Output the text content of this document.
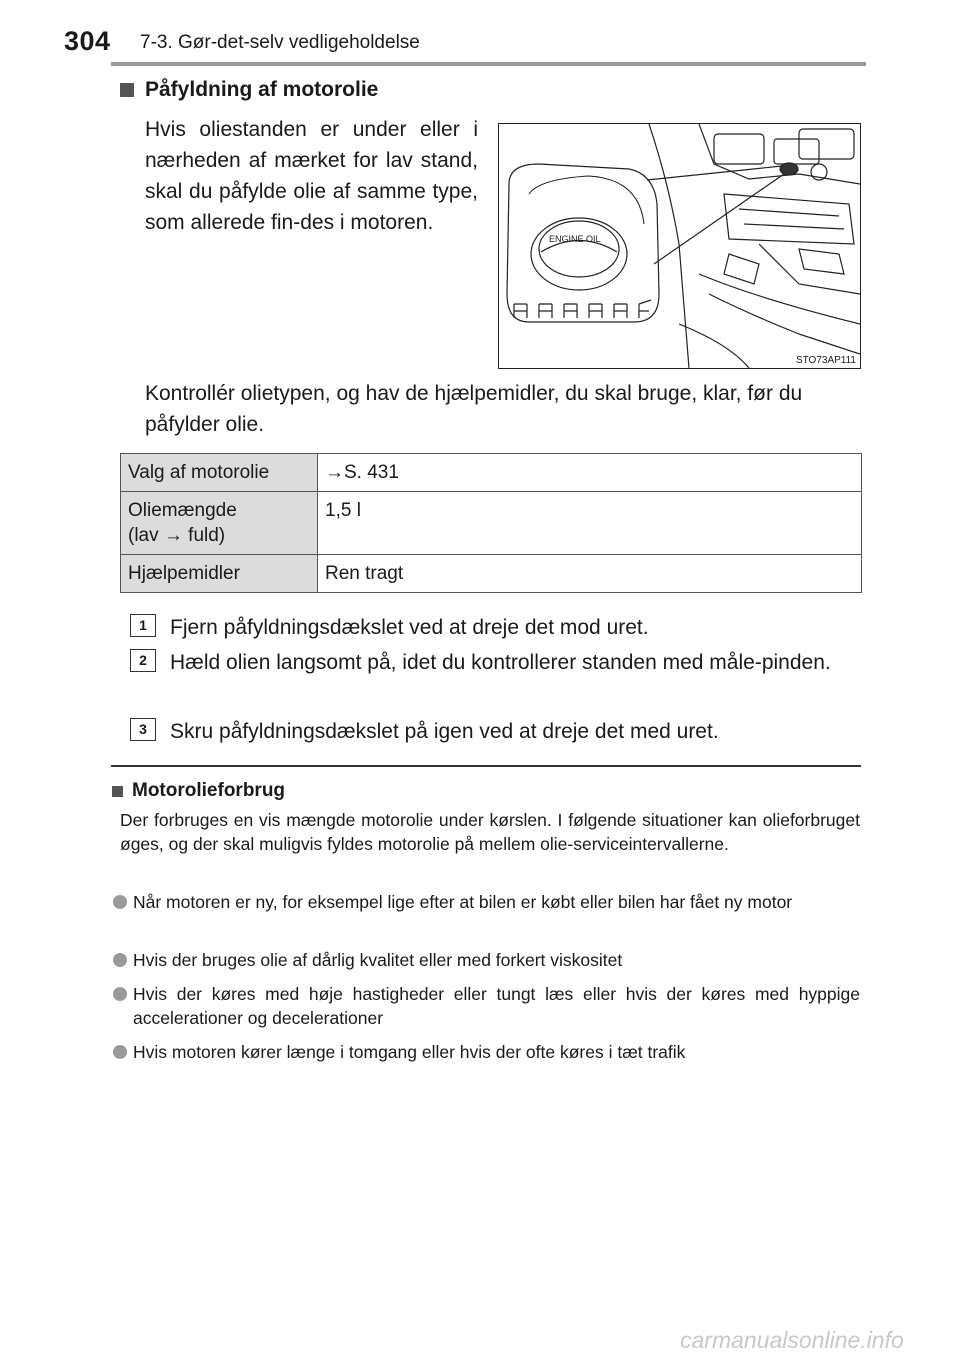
304 7-3. Gør-det-selv vedligeholdelse
Påfyldning af motorolie
Hvis oliestanden er under eller i nærheden af mærket for lav stand, skal du påfylde olie af samme type, som allerede fin-des i motoren.
ENGINE OIL
STO73AP111
Kontrollér olietypen, og hav de hjælpemidler, du skal bruge, klar, før du påfylder olie.
Valg af motorolie	→S. 431
Oliemængde
(lav → fuld)	1,5 l
Hjælpemidler	Ren tragt
1	Fjern påfyldningsdækslet ved at dreje det mod uret.
2	Hæld olien langsomt på, idet du kontrollerer standen med måle-pinden.
3	Skru påfyldningsdækslet på igen ved at dreje det med uret.
Motorolieforbrug
Der forbruges en vis mængde motorolie under kørslen. I følgende situationer kan olieforbruget øges, og der skal muligvis fyldes motorolie på mellem olie-serviceintervallerne.
Når motoren er ny, for eksempel lige efter at bilen er købt eller bilen har fået ny motor
Hvis der bruges olie af dårlig kvalitet eller med forkert viskositet
Hvis der køres med høje hastigheder eller tungt læs eller hvis der køres med hyppige accelerationer og decelerationer
Hvis motoren kører længe i tomgang eller hvis der ofte køres i tæt trafik
carmanualsonline.info
